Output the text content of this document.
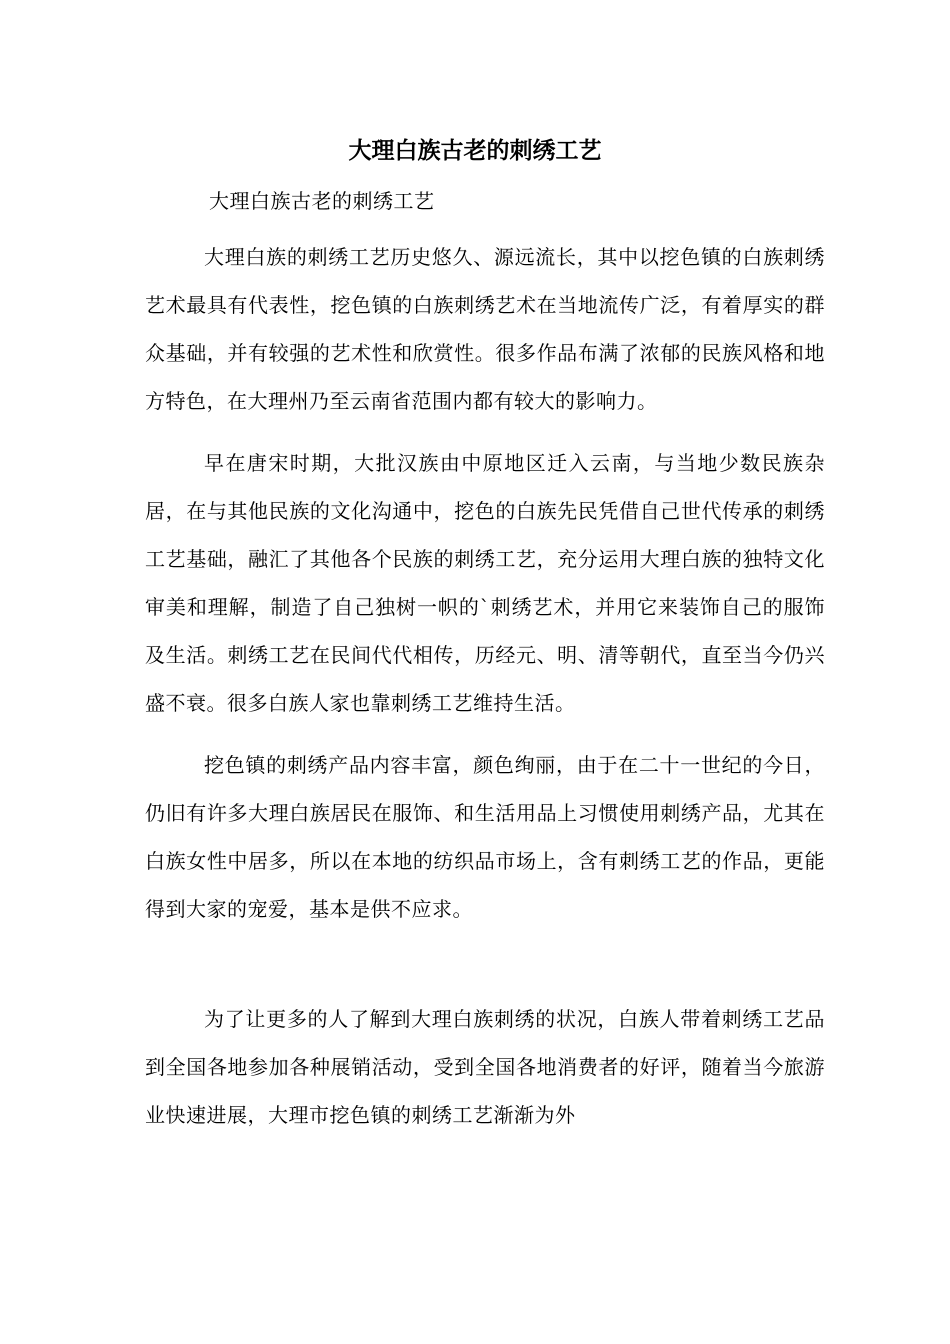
大理白族古老的刺绣工艺

大理白族古老的刺绣工艺

大理白族的刺绣工艺历史悠久、源远流长，其中以挖色镇的白族刺绣艺术最具有代表性，挖色镇的白族刺绣艺术在当地流传广泛，有着厚实的群众基础，并有较强的艺术性和欣赏性。很多作品布满了浓郁的民族风格和地方特色，在大理州乃至云南省范围内都有较大的影响力。

早在唐宋时期，大批汉族由中原地区迁入云南，与当地少数民族杂居，在与其他民族的文化沟通中，挖色的白族先民凭借自己世代传承的刺绣工艺基础，融汇了其他各个民族的刺绣工艺，充分运用大理白族的独特文化审美和理解，制造了自己独树一帜的`刺绣艺术，并用它来装饰自己的服饰及生活。刺绣工艺在民间代代相传，历经元、明、清等朝代，直至当今仍兴盛不衰。很多白族人家也靠刺绣工艺维持生活。

挖色镇的刺绣产品内容丰富，颜色绚丽，由于在二十一世纪的今日，仍旧有许多大理白族居民在服饰、和生活用品上习惯使用刺绣产品，尤其在白族女性中居多，所以在本地的纺织品市场上，含有刺绣工艺的作品，更能得到大家的宠爱，基本是供不应求。

为了让更多的人了解到大理白族刺绣的状况，白族人带着刺绣工艺品到全国各地参加各种展销活动，受到全国各地消费者的好评，随着当今旅游业快速进展，大理市挖色镇的刺绣工艺渐渐为外
